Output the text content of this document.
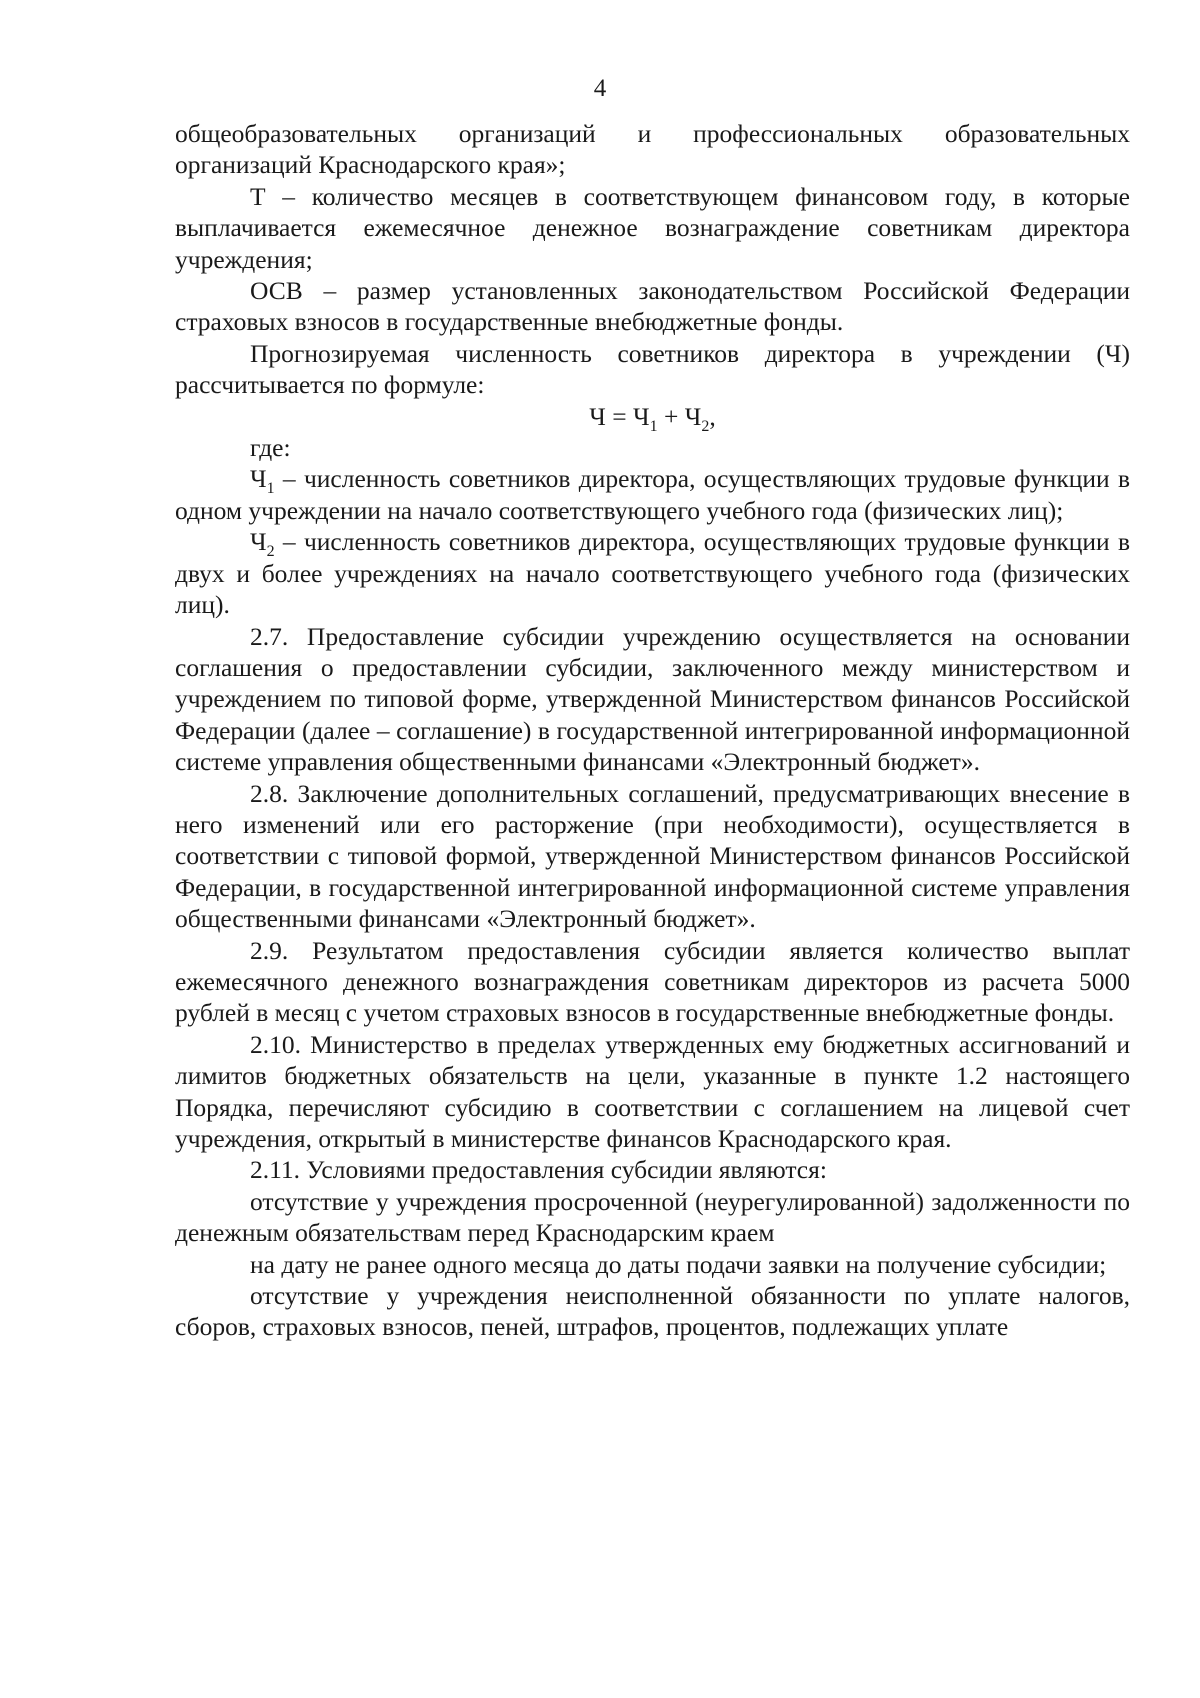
4

общеобразовательных организаций и профессиональных образовательных организаций Краснодарского края»;

Т – количество месяцев в соответствующем финансовом году, в которые выплачивается ежемесячное денежное вознаграждение советникам директора учреждения;

ОСВ – размер установленных законодательством Российской Федерации страховых взносов в государственные внебюджетные фонды.

Прогнозируемая численность советников директора в учреждении (Ч) рассчитывается по формуле:

$Ч = Ч_1 + Ч_2$,

где:

$Ч_1$ – численность советников директора, осуществляющих трудовые функции в одном учреждении на начало соответствующего учебного года (физических лиц);

$Ч_2$ – численность советников директора, осуществляющих трудовые функции в двух и более учреждениях на начало соответствующего учебного года (физических лиц).

2.7. Предоставление субсидии учреждению осуществляется на основании соглашения о предоставлении субсидии, заключенного между министерством и учреждением по типовой форме, утвержденной Министерством финансов Российской Федерации (далее – соглашение) в государственной интегрированной информационной системе управления общественными финансами «Электронный бюджет».

2.8. Заключение дополнительных соглашений, предусматривающих внесение в него изменений или его расторжение (при необходимости), осуществляется в соответствии с типовой формой, утвержденной Министерством финансов Российской Федерации, в государственной интегрированной информационной системе управления общественными финансами «Электронный бюджет».

2.9. Результатом предоставления субсидии является количество выплат ежемесячного денежного вознаграждения советникам директоров из расчета 5000 рублей в месяц с учетом страховых взносов в государственные внебюджетные фонды.

2.10. Министерство в пределах утвержденных ему бюджетных ассигнований и лимитов бюджетных обязательств на цели, указанные в пункте 1.2 настоящего Порядка, перечисляют субсидию в соответствии с соглашением на лицевой счет учреждения, открытый в министерстве финансов Краснодарского края.

2.11. Условиями предоставления субсидии являются:

отсутствие у учреждения просроченной (неурегулированной) задолженности по денежным обязательствам перед Краснодарским краем

на дату не ранее одного месяца до даты подачи заявки на получение субсидии;

отсутствие у учреждения неисполненной обязанности по уплате налогов, сборов, страховых взносов, пеней, штрафов, процентов, подлежащих уплате
